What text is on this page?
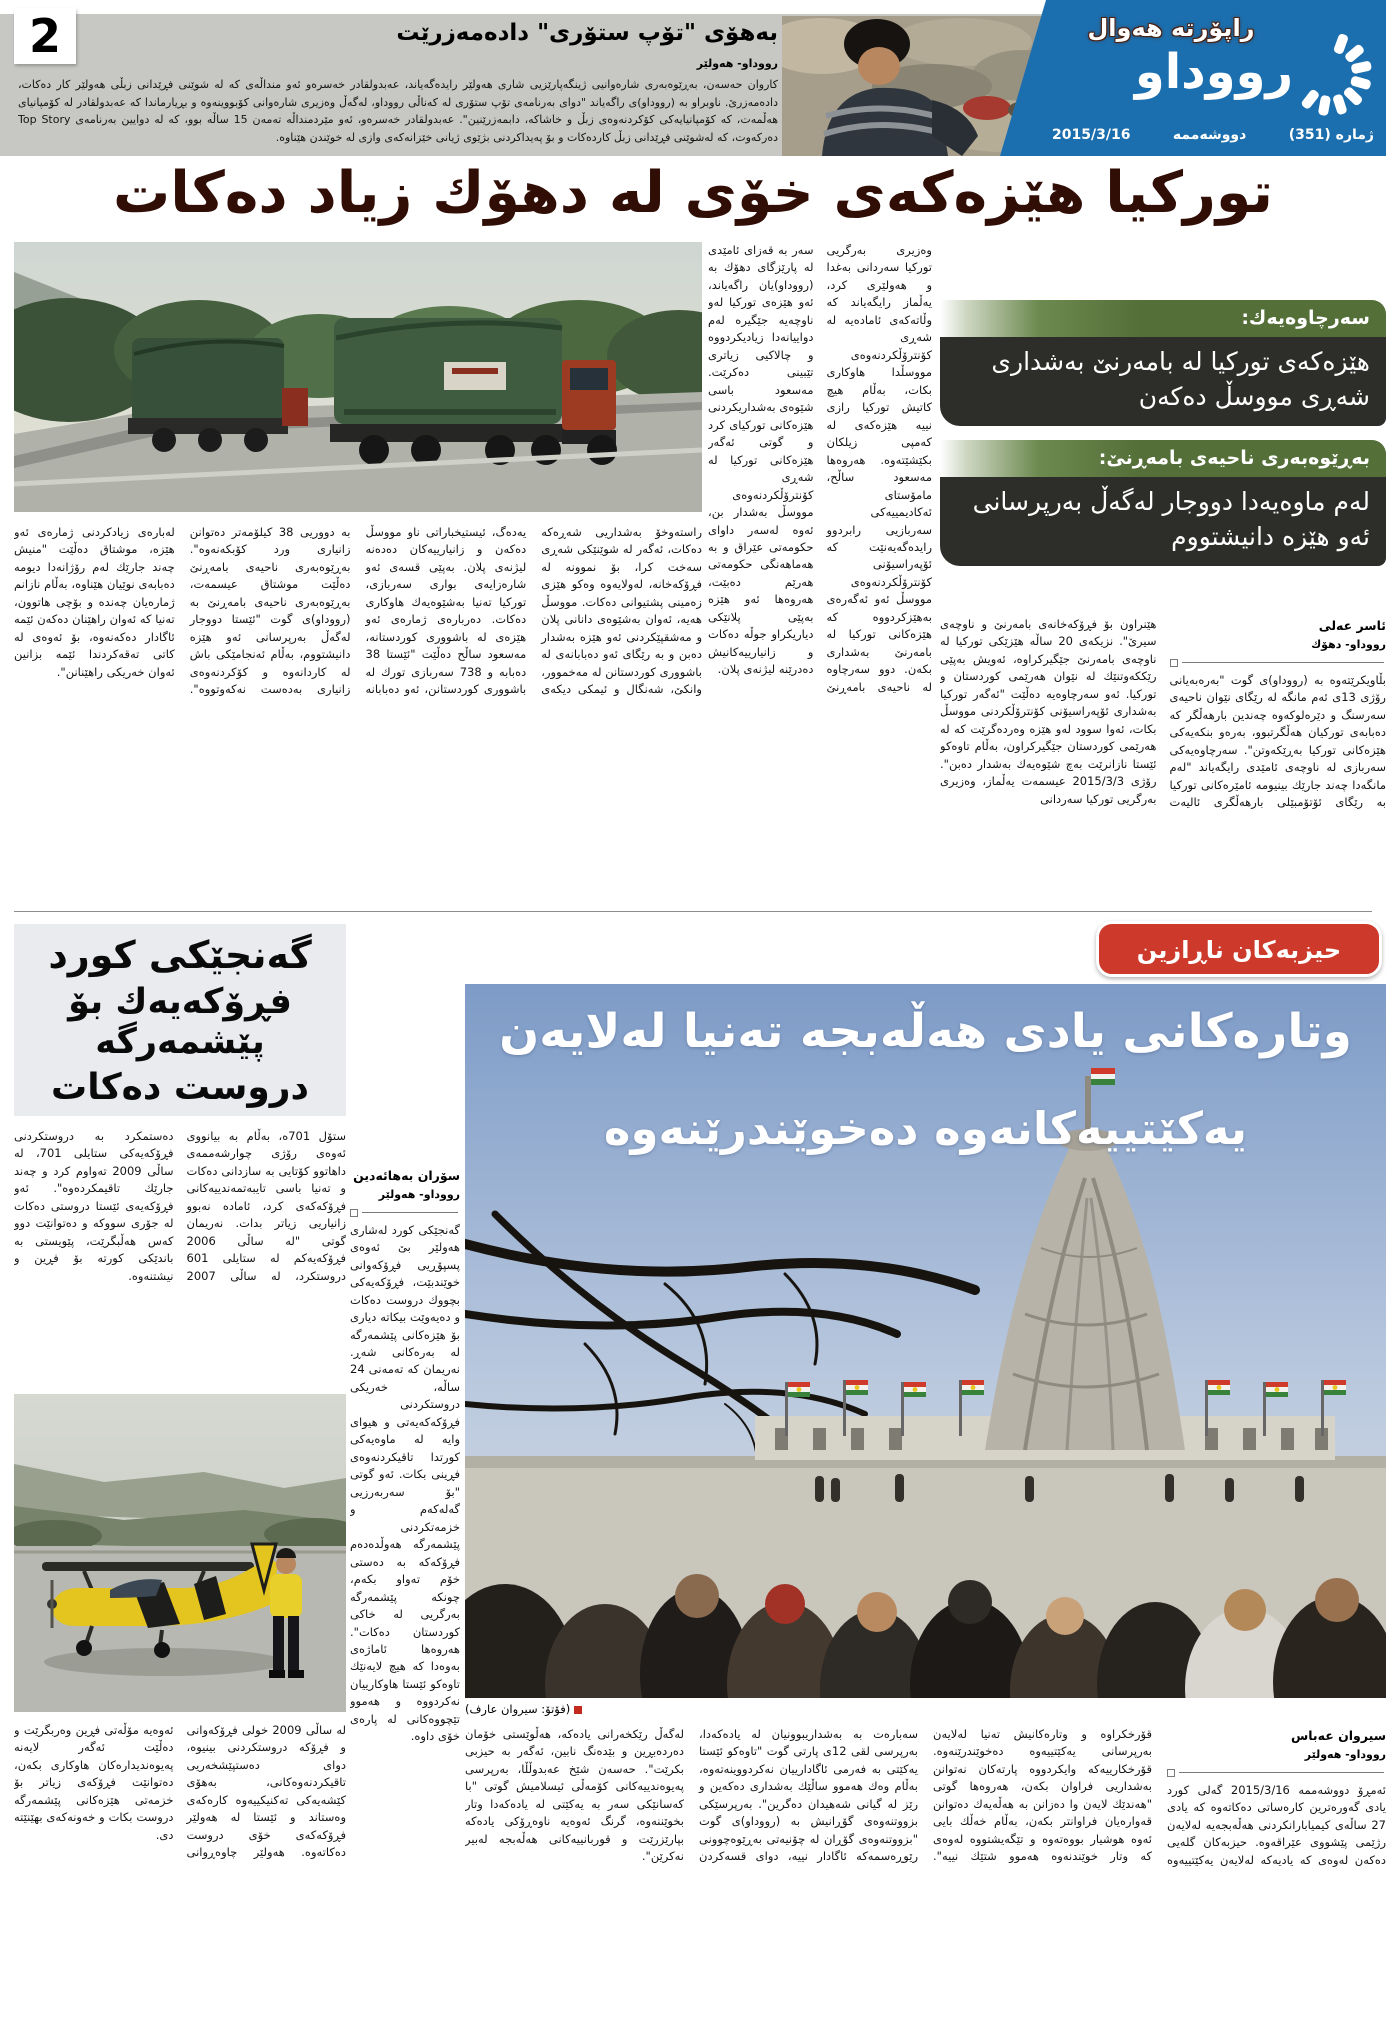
2	به‌هۆی "تۆپ ستۆری" داده‌مه‌زرێت
رووداو- هه‌ولێر
كاروان حه‌سه‌ن، به‌ڕێوه‌به‌ری شاره‌وانیی ژینگه‌پارێزیی شاری هه‌ولێر رایده‌گه‌یاند، عه‌بدولقادر خه‌سره‌و ئه‌و منداڵه‌ی كه‌ له‌ شوێنی فڕێدانی زبڵی هه‌ولێر كار ده‌كات، داده‌مه‌زرێ. ناوبراو به‌ (رووداو)ی راگه‌یاند "دوای به‌رنامه‌ی تۆپ ستۆری له‌ كه‌ناڵی رووداو، له‌گه‌ڵ وه‌زیری شاره‌وانی كۆبووینه‌وه‌ و بڕیارماندا كه‌ عه‌بدولقادر له‌ كۆمپانیای هه‌ڵمه‌ت، كه‌ كۆمپانیایه‌كی كۆكردنه‌وه‌ی زبڵ و خاشاكه‌، دابمه‌زرێنین". عه‌بدولقادر خه‌سره‌و، ئه‌و مێردمنداڵه‌ ته‌مه‌ن 15 ساڵه‌ بوو، كه‌ له‌ دوایین به‌رنامه‌ی Top Story ده‌ركه‌وت، كه‌ له‌شوێنی فڕێدانی زبڵ كارده‌كات و بۆ په‌یداكردنی بژێوی ژیانی خێزانه‌كه‌ی وازی له‌ خوێندن هێناوه‌.
راپۆرته هه‌وال
رووداو
ژماره (351)
دووشه‌ممه
2015/3/16
توركیا هێزه‌كه‌ی خۆی له‌ دهۆك زیاد ده‌كات
وه‌زیری به‌رگریی توركیا سه‌ردانی به‌غدا و هه‌ولێری كرد، یه‌ڵماز رایگه‌یاند كه‌ وڵاته‌كه‌ی ئاماده‌یه‌ له‌ شه‌ڕی كۆنترۆڵكردنه‌وه‌ی مووسڵدا هاوكاری بكات، به‌ڵام هیچ كاتیش توركیا رازی نییه‌ هێزه‌كه‌ی له‌ كه‌مپی زیلكان بكێشێته‌وه‌. هه‌روه‌ها مه‌سعود ساڵح، مامۆستای ئه‌كادیمییه‌كی سه‌ربازیی رابردوو رایده‌گه‌یه‌نێت كه‌ ئۆپه‌راسیۆنی كۆنترۆڵكردنه‌وه‌ی مووسڵ ئه‌و ئه‌گه‌ره‌ی به‌هێزكردووه‌ كه‌ هێزه‌كانی توركیا له‌ بامه‌رنێ به‌شداری بكه‌ن. دوو سه‌رچاوه‌ له‌ ناحیه‌ی بامه‌ڕنێ سه‌ر به‌ قه‌زای ئامێدی له‌ پارێزگای دهۆك به‌ (رووداو)یان راگه‌یاند، ئه‌و هێزه‌ی توركیا له‌و ناوچه‌یه‌ جێگیره‌ له‌م دواییانه‌دا زیادیكردووه‌ و چالاكیی زیاتری تێبینی ده‌كرێت. مه‌سعود باسی شێوه‌ی به‌شداریكردنی هێزه‌كانی توركیای كرد و گوتی ئه‌گه‌ر هێزه‌كانی توركیا له‌ شه‌ڕی كۆنترۆڵكردنه‌وه‌ی مووسڵ به‌شدار بن، ئه‌وه‌ له‌سه‌ر داوای حكومه‌تی عێراق و به‌ هه‌ماهه‌نگی حكومه‌تی هه‌رێم ده‌بێت، هه‌روه‌ها ئه‌و هێزه‌ به‌پێی پلانێكی دیاریكراو جوڵه‌ ده‌كات و زانیارییه‌كانیش ده‌درێنه‌ لیژنه‌ی پلان.
سه‌رچاوه‌یه‌ك:
هێزه‌كه‌ی توركیا له‌ بامه‌رنێ به‌شداری شه‌ڕی مووسڵ ده‌كه‌ن
به‌ڕێوه‌به‌ری ناحیه‌ی بامه‌ڕنێ:
له‌م ماوه‌یه‌دا دووجار له‌گه‌ڵ به‌رپرسانی ئه‌و هێزه‌ دانیشتووم
ئاسر عه‌لی
رووداو- دهۆك
بڵاویكرێته‌وه‌ به‌ (رووداو)ی گوت "به‌ره‌به‌یانی رۆژی 13ی ئه‌م مانگه‌ له‌ رێگای نێوان ناحیه‌ی سه‌رسنگ و دێره‌لوكه‌وه‌ چه‌ندین بارهه‌ڵگر كه‌ ده‌بابه‌ی توركیان هه‌ڵگرتبوو، به‌ره‌و بنكه‌یه‌كی هێزه‌كانی توركیا به‌ڕێكه‌وتن". سه‌رچاوه‌یه‌كی سه‌ربازی له‌ ناوچه‌ی ئامێدی رایگه‌یاند "له‌م مانگه‌دا چه‌ند جارێك بینیومه‌ ئامێره‌كانی توركیا به‌ رێگای ئۆتۆمبێلی بارهه‌ڵگری ئالیه‌ت هێنراون بۆ فڕۆكه‌خانه‌ی بامه‌رنێ و ناوچه‌ی سیرێ". نزیكه‌ی 20 ساڵه‌ هێزێكی توركیا له‌ ناوچه‌ی بامه‌رنێ جێگیركراوه‌، ئه‌ویش به‌پێی رێككه‌وتنێك له‌ نێوان هه‌رێمی كوردستان و توركیا. ئه‌و سه‌رچاوه‌یه‌ ده‌ڵێت "ئه‌گه‌ر توركیا به‌شداری ئۆپه‌راسیۆنی كۆنترۆڵكردنی مووسڵ بكات، ئه‌وا سوود له‌و هێزه‌ وه‌رده‌گرێت كه‌ له‌ هه‌رێمی كوردستان جێگیركراون، به‌ڵام تاوه‌كو ئێستا نازانرێت به‌چ شێوه‌یه‌ك به‌شدار ده‌بن". رۆژی 2015/3/3 عیسمه‌ت یه‌ڵماز، وه‌زیری به‌رگریی توركیا سه‌ردانی
راسته‌وخۆ به‌شداریی شه‌ڕه‌كه‌ ده‌كات، ئه‌گه‌ر له‌ شوێنێكی شه‌ڕی سه‌خت كرا، بۆ نموونه‌ له‌ فڕۆكه‌خانه‌، له‌ولایه‌وه‌ وه‌كو هێزی زه‌مینی پشتیوانی ده‌كات. مووسڵ هه‌یه‌، ئه‌وان به‌شێوه‌ی دانانی پلان و مه‌شقپێكردنی ئه‌و هێزه‌ به‌شدار ده‌بن و به‌ رێگای ئه‌و ده‌بابانه‌ی له‌ باشووری كوردستانن له‌ مه‌خموور، وانكێ، شه‌نگال و ئیمكی دیكه‌ی یه‌ده‌گ، ئیستیخباراتی ناو مووسڵ ده‌كه‌ن و زانیارییه‌كان ده‌ده‌نه‌ لیژنه‌ی پلان. به‌پێی قسه‌ی ئه‌و شاره‌زایه‌ی بواری سه‌ربازی، توركیا ته‌نیا به‌شێوه‌یه‌ك هاوكاری ده‌كات. ده‌رباره‌ی ژماره‌ی ئه‌و هێزه‌ی له‌ باشووری كوردستانه‌، مه‌سعود ساڵح ده‌ڵێت "ئێستا 38 ده‌بابه‌ و 738 سه‌ربازی تورك له‌ باشووری كوردستانن، ئه‌و ده‌بابانه‌ به‌ دووریی 38 كیلۆمه‌تر ده‌توانن زانیاری ورد كۆبكه‌نه‌وه‌". به‌ڕێوه‌به‌ری ناحیه‌ی بامه‌ڕنێ ده‌ڵێت موشتاق عیسمه‌ت، به‌ڕێوه‌به‌ری ناحیه‌ی بامه‌ڕنێ به‌ (رووداو)ی گوت "ئێستا دووجار له‌گه‌ڵ به‌رپرسانی ئه‌و هێزه‌ دانیشتووم، به‌ڵام ئه‌نجامێكی باش له‌ كاردانه‌وه‌ و كۆكردنه‌وه‌ی زانیاری به‌ده‌ست نه‌كه‌وتووه‌". له‌باره‌ی زیادكردنی ژماره‌ی ئه‌و هێزه‌، موشتاق ده‌ڵێت "منیش چه‌ند جارێك له‌م رۆژانه‌دا دیومه‌ ده‌بابه‌ی نوێیان هێناوه‌، به‌ڵام نازانم ژماره‌یان چه‌نده‌ و بۆچی هاتوون، ته‌نیا كه‌ ئه‌وان راهێنان ده‌كه‌ن ئێمه‌ ئاگادار ده‌كه‌نه‌وه‌، بۆ ئه‌وه‌ی له‌ كاتی ته‌قه‌كردندا ئێمه‌ بزانین ئه‌وان خه‌ریكی راهێنانن".
گه‌نجێكی كورد
فڕۆكه‌یه‌ك بۆ پێشمه‌رگه‌
دروست ده‌كات
ستۆل 701ه‌، به‌ڵام به‌ بیانووی ئه‌وه‌ی رۆژی چوارشه‌ممه‌ی داهاتوو كۆتایی به‌ سازدانی ده‌كات و ته‌نیا باسی تایبه‌تمه‌ندییه‌كانی فڕۆكه‌كه‌ی كرد، ئاماده‌ نه‌بوو زانیاریی زیاتر بدات. نه‌ریمان گوتی "له‌ ساڵی 2006 فڕۆكه‌یه‌كم له‌ ستایلی 601 دروستكرد، له‌ ساڵی 2007 ده‌ستمكرد به‌ دروستكردنی فڕۆكه‌یه‌كی ستایلی 701، له‌ ساڵی 2009 ته‌واوم كرد و چه‌ند جارێك تاقیمكرده‌وه‌". ئه‌و فڕۆكه‌یه‌ی ئێستا دروستی ده‌كات له‌ جۆری سووكه‌ و ده‌توانێت دوو كه‌س هه‌ڵبگرێت، پێویستی به‌ باندێكی كورته‌ بۆ فڕین و نیشتنه‌وه‌.
له‌ ساڵی 2009 خولی فڕۆكه‌وانی و فڕۆكه‌ دروستكردنی بینیوه‌، دوای ده‌ستپێشخه‌ریی تاقیكردنه‌وه‌كانی، به‌هۆی كێشه‌یه‌كی ته‌كنیكییه‌وه‌ كاره‌كه‌ی وه‌ستاند و ئێستا له‌ هه‌ولێر فڕۆكه‌كه‌ی خۆی دروست ده‌كاته‌وه‌. هه‌ولێر چاوه‌ڕوانی ئه‌وه‌یه‌ مۆڵه‌تی فڕین وه‌ربگرێت و ده‌ڵێت ئه‌گه‌ر لایه‌نه‌ په‌یوه‌ندیداره‌كان هاوكاری بكه‌ن، ده‌توانێت فڕۆكه‌ی زیاتر بۆ خزمه‌تی هێزه‌كانی پێشمه‌رگه‌ دروست بكات و خه‌ونه‌كه‌ی بهێنێته‌ دی.
سۆران به‌هائه‌دین
رووداو- هه‌ولێر
گه‌نجێكی كورد له‌شاری هه‌ولێر بێ ئه‌وه‌ی پسپۆڕیی فڕۆكه‌وانی خوێندبێت، فڕۆكه‌یه‌كی بچووك دروست ده‌كات و ده‌یه‌وێت بیكاته‌ دیاری بۆ هێزه‌كانی پێشمه‌رگه‌ له‌ به‌ره‌كانی شه‌ڕ. نه‌ریمان كه‌ ته‌مه‌نی 24 ساڵه‌، خه‌ریكی دروستكردنی فڕۆكه‌كه‌یه‌تی و هیوای وایه‌ له‌ ماوه‌یه‌كی كورتدا تاقیكردنه‌وه‌ی فڕینی بكات. ئه‌و گوتی "بۆ سه‌ربه‌رزیی گه‌له‌كه‌م و خزمه‌تكردنی پێشمه‌رگه‌ هه‌وڵده‌ده‌م فڕۆكه‌كه‌ به‌ ده‌ستی خۆم ته‌واو بكه‌م، چونكه‌ پێشمه‌رگه‌ به‌رگریی له‌ خاكی كوردستان ده‌كات". هه‌روه‌ها ئاماژه‌ی به‌وه‌دا كه‌ هیچ لایه‌نێك تاوه‌كو ئێستا هاوكارییان نه‌كردووه‌ و هه‌موو تێچووه‌كانی له‌ پاره‌ی خۆی داوه‌.
وتاره‌كانی یادی هه‌ڵه‌بجه‌ ته‌نیا له‌لایه‌ن
یه‌كێتییه‌كانه‌وه‌ ده‌خوێندرێنه‌وه‌
حیزبه‌كان ناڕازین
(فۆتۆ: سیروان عارف)
سیروان عه‌باس
رووداو- هه‌ولێر
ئه‌مڕۆ دووشه‌ممه‌ 2015/3/16 گه‌لی كورد یادی گه‌وره‌ترین كاره‌ساتی ده‌كاته‌وه‌ كه‌ یادی 27 ساڵه‌ی كیمیابارانكردنی هه‌ڵه‌بجه‌یه‌ له‌لایه‌ن رژێمی پێشووی عێراقه‌وه‌. حیزبه‌كان گله‌یی ده‌كه‌ن له‌وه‌ی كه‌ یادیه‌كه‌ له‌لایه‌ن یه‌كێتییه‌وه‌ قۆرخكراوه‌ و وتاره‌كانیش ته‌نیا له‌لایه‌ن به‌رپرسانی یه‌كێتییه‌وه‌ ده‌خوێندرێنه‌وه‌. قۆرخكارییه‌كه‌ وایكردووه‌ پارته‌كان نه‌توانن به‌شداریی فراوان بكه‌ن، هه‌روه‌ها گوتی "هه‌ندێك لایه‌ن وا ده‌زانن به‌ هه‌ڵه‌یه‌ك ده‌توانن قه‌واره‌یان فراوانتر بكه‌ن، به‌ڵام خه‌ڵك بایی ئه‌وه‌ هوشیار بووه‌ته‌وه‌ و تێگه‌یشتووه‌ له‌وه‌ی كه‌ وتار خوێندنه‌وه‌ هه‌موو شتێك نییه‌". سه‌باره‌ت به‌ به‌شداریبوونیان له‌ یاده‌كه‌دا، به‌رپرسی لقی 12ی پارتی گوت "تاوه‌كو ئێستا یه‌كێتی به‌ فه‌رمی ئاگادارییان نه‌كردووینه‌ته‌وه‌، به‌ڵام وه‌ك هه‌موو ساڵێك به‌شداری ده‌كه‌ین و رێز له‌ گیانی شه‌هیدان ده‌گرین". به‌رپرسێكی بزووتنه‌وه‌ی گۆڕانیش به‌ (رووداو)ی گوت "بزووتنه‌وه‌ی گۆڕان له‌ چۆنیه‌تی به‌ڕێوه‌چوونی رێوڕه‌سمه‌كه‌ ئاگادار نییه‌، دوای قسه‌كردن له‌گه‌ڵ رێكخه‌رانی یاده‌كه‌، هه‌ڵوێستی خۆمان ده‌رده‌بڕین و بێده‌نگ نابین، ئه‌گه‌ر به‌ حیزبی بكرێت". حه‌سه‌ن شێخ عه‌بدوڵڵا، به‌رپرسی په‌یوه‌ندییه‌كانی كۆمه‌ڵی ئیسلامیش گوتی "با كه‌سانێكی سه‌ر به‌ یه‌كێتی له‌ یاده‌كه‌دا وتار بخوێننه‌وه‌، گرنگ ئه‌وه‌یه‌ ناوه‌ڕۆكی یاده‌كه‌ بپارێزرێت و قوربانییه‌كانی هه‌ڵه‌بجه‌ له‌بیر نه‌كرێن".
